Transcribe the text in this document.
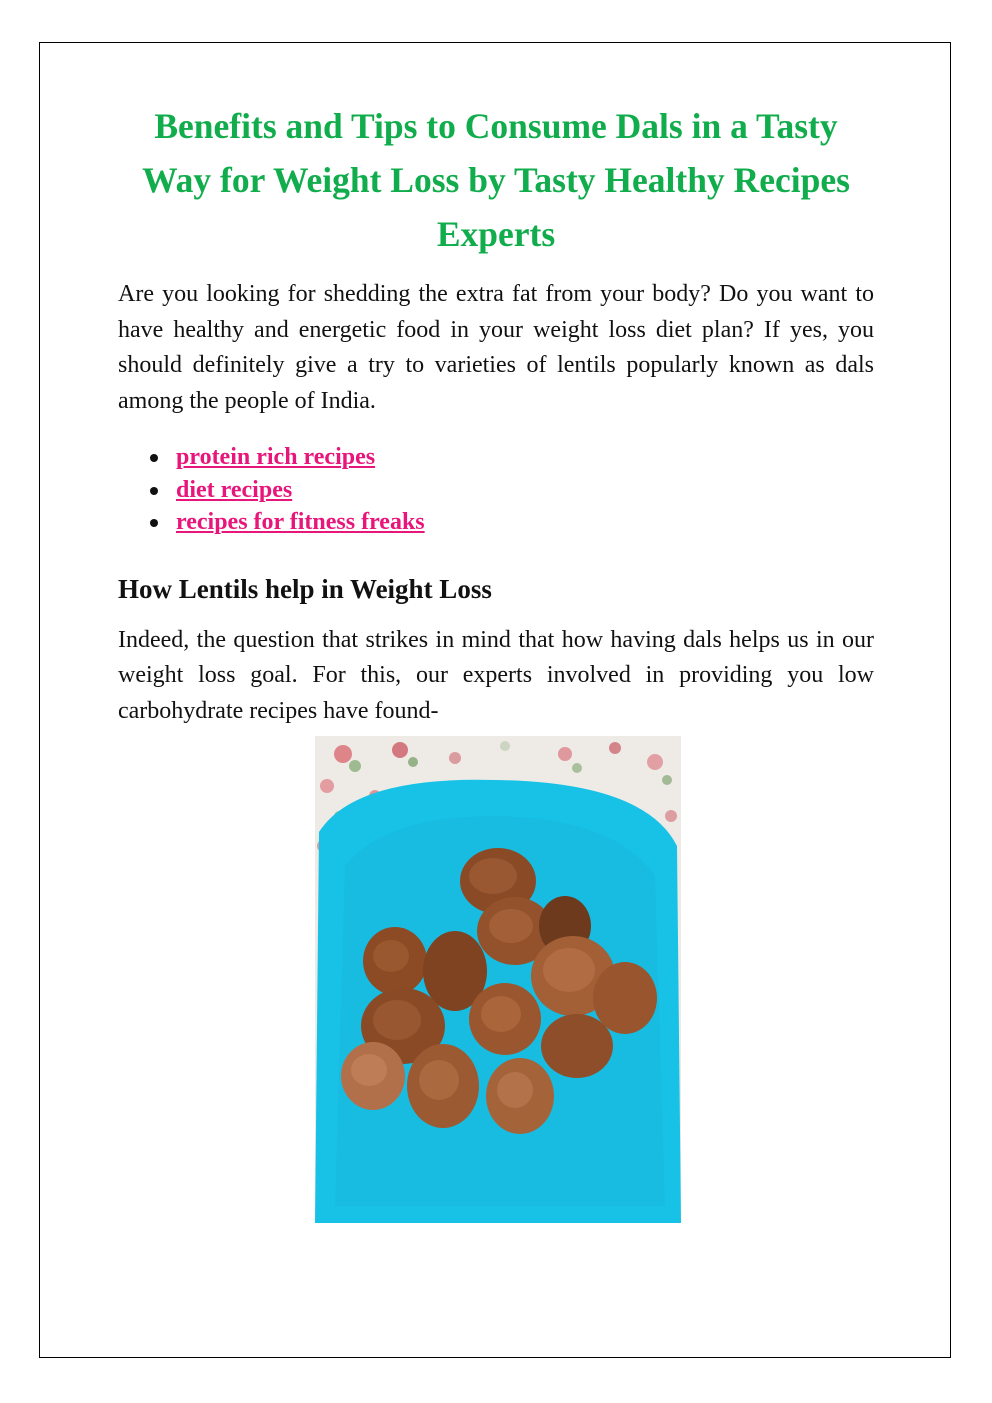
Benefits and Tips to Consume Dals in a Tasty Way for Weight Loss by Tasty Healthy Recipes Experts

Are you looking for shedding the extra fat from your body? Do you want to have healthy and energetic food in your weight loss diet plan? If yes, you should definitely give a try to varieties of lentils popularly known as dals among the people of India.

protein rich recipes
diet recipes
recipes for fitness freaks
How Lentils help in Weight Loss

Indeed, the question that strikes in mind that how having dals helps us in our weight loss goal. For this, our experts involved in providing you low carbohydrate recipes have found-
